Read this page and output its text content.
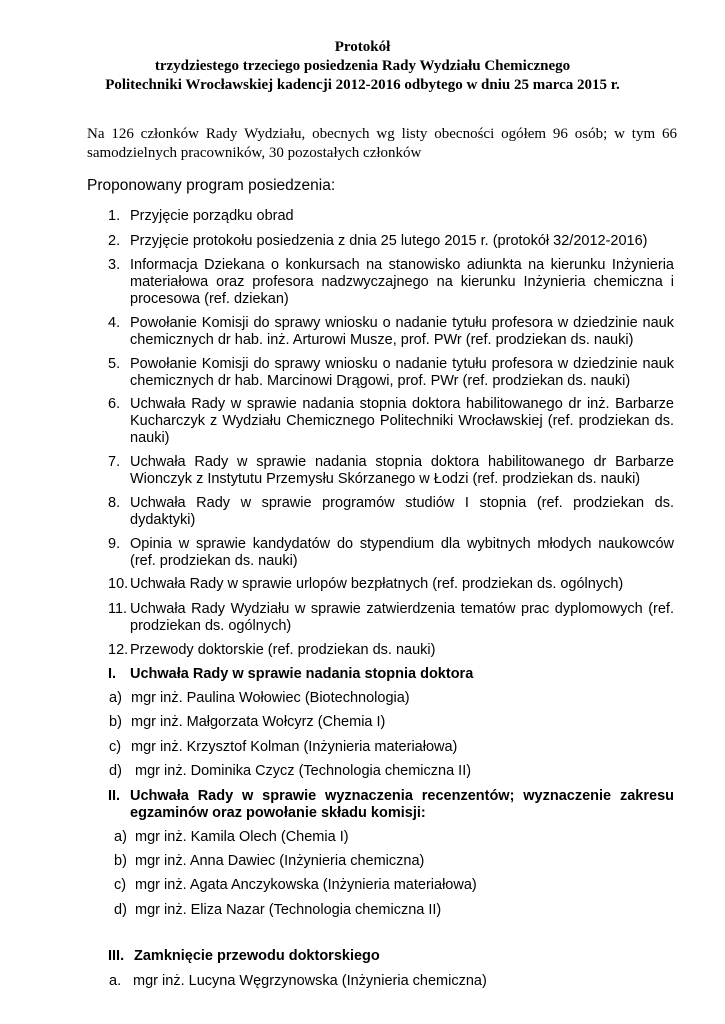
Protokół
trzydziestego trzeciego posiedzenia Rady Wydziału Chemicznego
Politechniki Wrocławskiej kadencji 2012-2016 odbytego w dniu 25 marca 2015 r.
Na 126 członków Rady Wydziału, obecnych wg listy obecności ogółem 96 osób; w tym 66 samodzielnych pracowników, 30 pozostałych członków
Proponowany program posiedzenia:
1. Przyjęcie porządku obrad
2. Przyjęcie protokołu posiedzenia z dnia 25 lutego 2015 r. (protokół 32/2012-2016)
3. Informacja Dziekana o konkursach na stanowisko adiunkta na kierunku Inżynieria materiałowa oraz profesora nadzwyczajnego na kierunku Inżynieria chemiczna i procesowa (ref. dziekan)
4. Powołanie Komisji do sprawy wniosku o nadanie tytułu profesora w dziedzinie nauk chemicznych dr hab. inż. Arturowi Musze, prof. PWr (ref. prodziekan ds. nauki)
5. Powołanie Komisji do sprawy wniosku o nadanie tytułu profesora w dziedzinie nauk chemicznych dr hab. Marcinowi Drągowi, prof. PWr (ref. prodziekan ds. nauki)
6. Uchwała Rady w sprawie nadania stopnia doktora habilitowanego dr inż. Barbarze Kucharczyk z Wydziału Chemicznego Politechniki Wrocławskiej (ref. prodziekan ds. nauki)
7. Uchwała Rady w sprawie nadania stopnia doktora habilitowanego dr Barbarze Wionczyk z Instytutu Przemysłu Skórzanego w Łodzi (ref. prodziekan ds. nauki)
8. Uchwała Rady w sprawie programów studiów I stopnia (ref. prodziekan ds. dydaktyki)
9. Opinia w sprawie kandydatów do stypendium dla wybitnych młodych naukowców (ref. prodziekan ds. nauki)
10. Uchwała Rady w sprawie urlopów bezpłatnych (ref. prodziekan ds. ogólnych)
11. Uchwała Rady Wydziału w sprawie zatwierdzenia tematów prac dyplomowych (ref. prodziekan ds. ogólnych)
12. Przewody doktorskie (ref. prodziekan ds. nauki)
I. Uchwała Rady w sprawie nadania stopnia doktora
a) mgr inż. Paulina Wołowiec (Biotechnologia)
b) mgr inż. Małgorzata Wołcyrz (Chemia I)
c) mgr inż. Krzysztof Kolman (Inżynieria materiałowa)
d) mgr inż. Dominika Czycz (Technologia chemiczna II)
II. Uchwała Rady w sprawie wyznaczenia recenzentów; wyznaczenie zakresu egzaminów oraz powołanie składu komisji:
a) mgr inż. Kamila Olech (Chemia I)
b) mgr inż. Anna Dawiec (Inżynieria chemiczna)
c) mgr inż. Agata Anczykowska (Inżynieria materiałowa)
d) mgr inż. Eliza Nazar (Technologia chemiczna II)
III. Zamknięcie przewodu doktorskiego
a. mgr inż. Lucyna Węgrzynowska (Inżynieria chemiczna)
